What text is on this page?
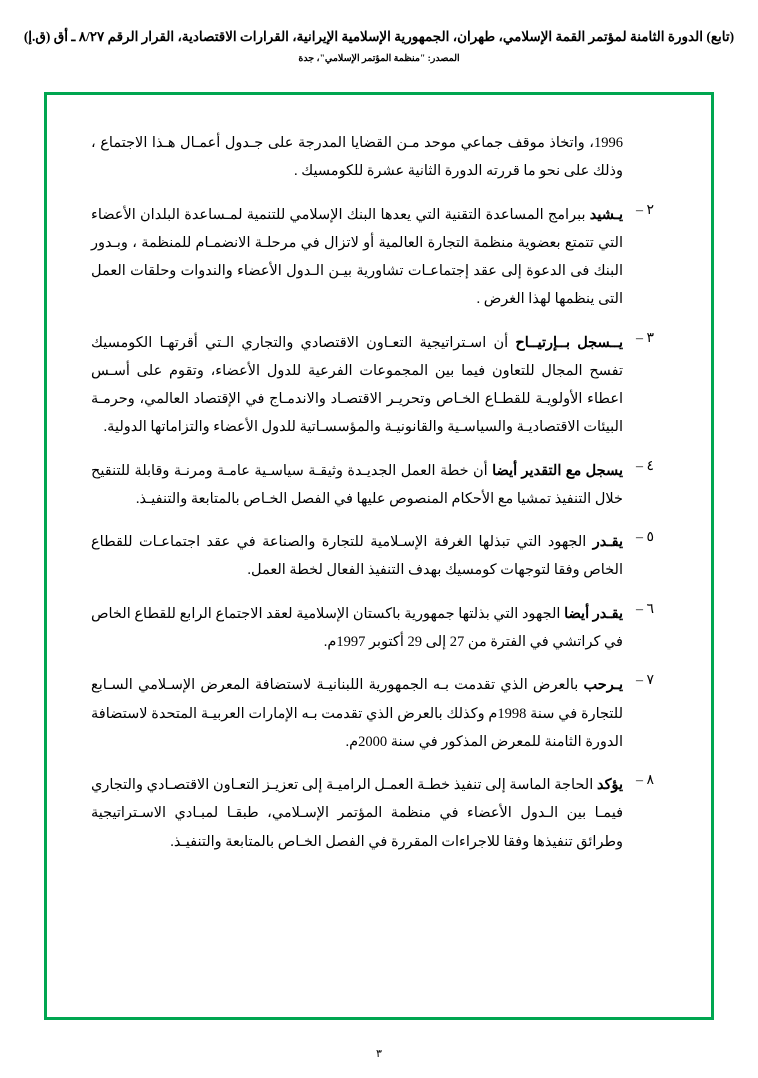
(تابع) الدورة الثامنة لمؤتمر القمة الإسلامي، طهران، الجمهورية الإسلامية الإيرانية، القرارات الاقتصادية، القرار الرقم ٨/٢٧ ـ أق (ق.إ)
المصدر: "منظمة المؤتمر الإسلامي"، جدة
1996، واتخاذ موقف جماعي موحد مـن القضايا المدرجة على جـدول أعمـال هـذا الاجتماع ، وذلك على نحو ما قررته الدورة الثانية عشرة للكومسيك .
٢ –
يـشيد ببرامج المساعدة التقنية التي يعدها البنك الإسلامي للتنمية لمـساعدة البلدان الأعضاء التي تتمتع بعضوية منظمة التجارة العالمية أو لاتزال في مرحلـة الانضمـام للمنظمة ، وبـدور البنك فى الدعوة إلى عقد إجتماعـات تشاورية بيـن الـدول الأعضاء والندوات وحلقات العمل التى ينظمها لهذا الغرض .
٣ –
يــسجل بــإرتيــاح أن اسـتراتيجية التعـاون الاقتصادي والتجاري الـتي أقرتهـا الكومسيك تفسح المجال للتعاون فيما بين المجموعات الفرعية للدول الأعضاء، وتقوم على أسـس اعطاء الأولويـة للقطـاع الخـاص وتحريـر الاقتصـاد والاندمـاج في الإقتصاد العالمي، وحرمـة البيئات الاقتصاديـة والسياسـية والقانونيـة والمؤسسـاتية للدول الأعضاء والتزاماتها الدولية.
٤ –
يسجل مع التقدير أيضا أن خطة العمل الجديـدة وثيقـة سياسـية عامـة ومرنـة وقابلة للتنقيح خلال التنفيذ تمشيا مع الأحكام المنصوص عليها في الفصل الخـاص بالمتابعة والتنفيـذ.
٥ –
يقـدر الجهود التي تبذلها الغرفة الإسـلامية للتجارة والصناعة في عقد اجتماعـات للقطاع الخاص وفقا لتوجهات كومسيك بهدف التنفيذ الفعال لخطة العمل.
٦ –
يقـدر أيضا الجهود التي بذلتها جمهورية باكستان الإسلامية لعقد الاجتماع الرابع للقطاع الخاص في كراتشي في الفترة من 27 إلى 29 أكتوبر 1997م.
٧ –
يـرحب بالعرض الذي تقدمت بـه الجمهورية اللبنانيـة لاستضافة المعرض الإسـلامي السـابع للتجارة في سنة 1998م وكذلك بالعرض الذي تقدمت بـه الإمارات العربيـة المتحدة لاستضافة الدورة الثامنة للمعرض المذكور في سنة 2000م.
٨ –
يؤكد الحاجة الماسة إلى تنفيذ خطـة العمـل الراميـة إلى تعزيـز التعـاون الاقتصـادي والتجاري فيمـا بين الـدول الأعضاء في منظمة المؤتمر الإسـلامي، طبقـا لمبـادي الاسـتراتيجية وطرائق تنفيذها وفقا للاجراءات المقررة في الفصل الخـاص بالمتابعة والتنفيـذ.
٣
